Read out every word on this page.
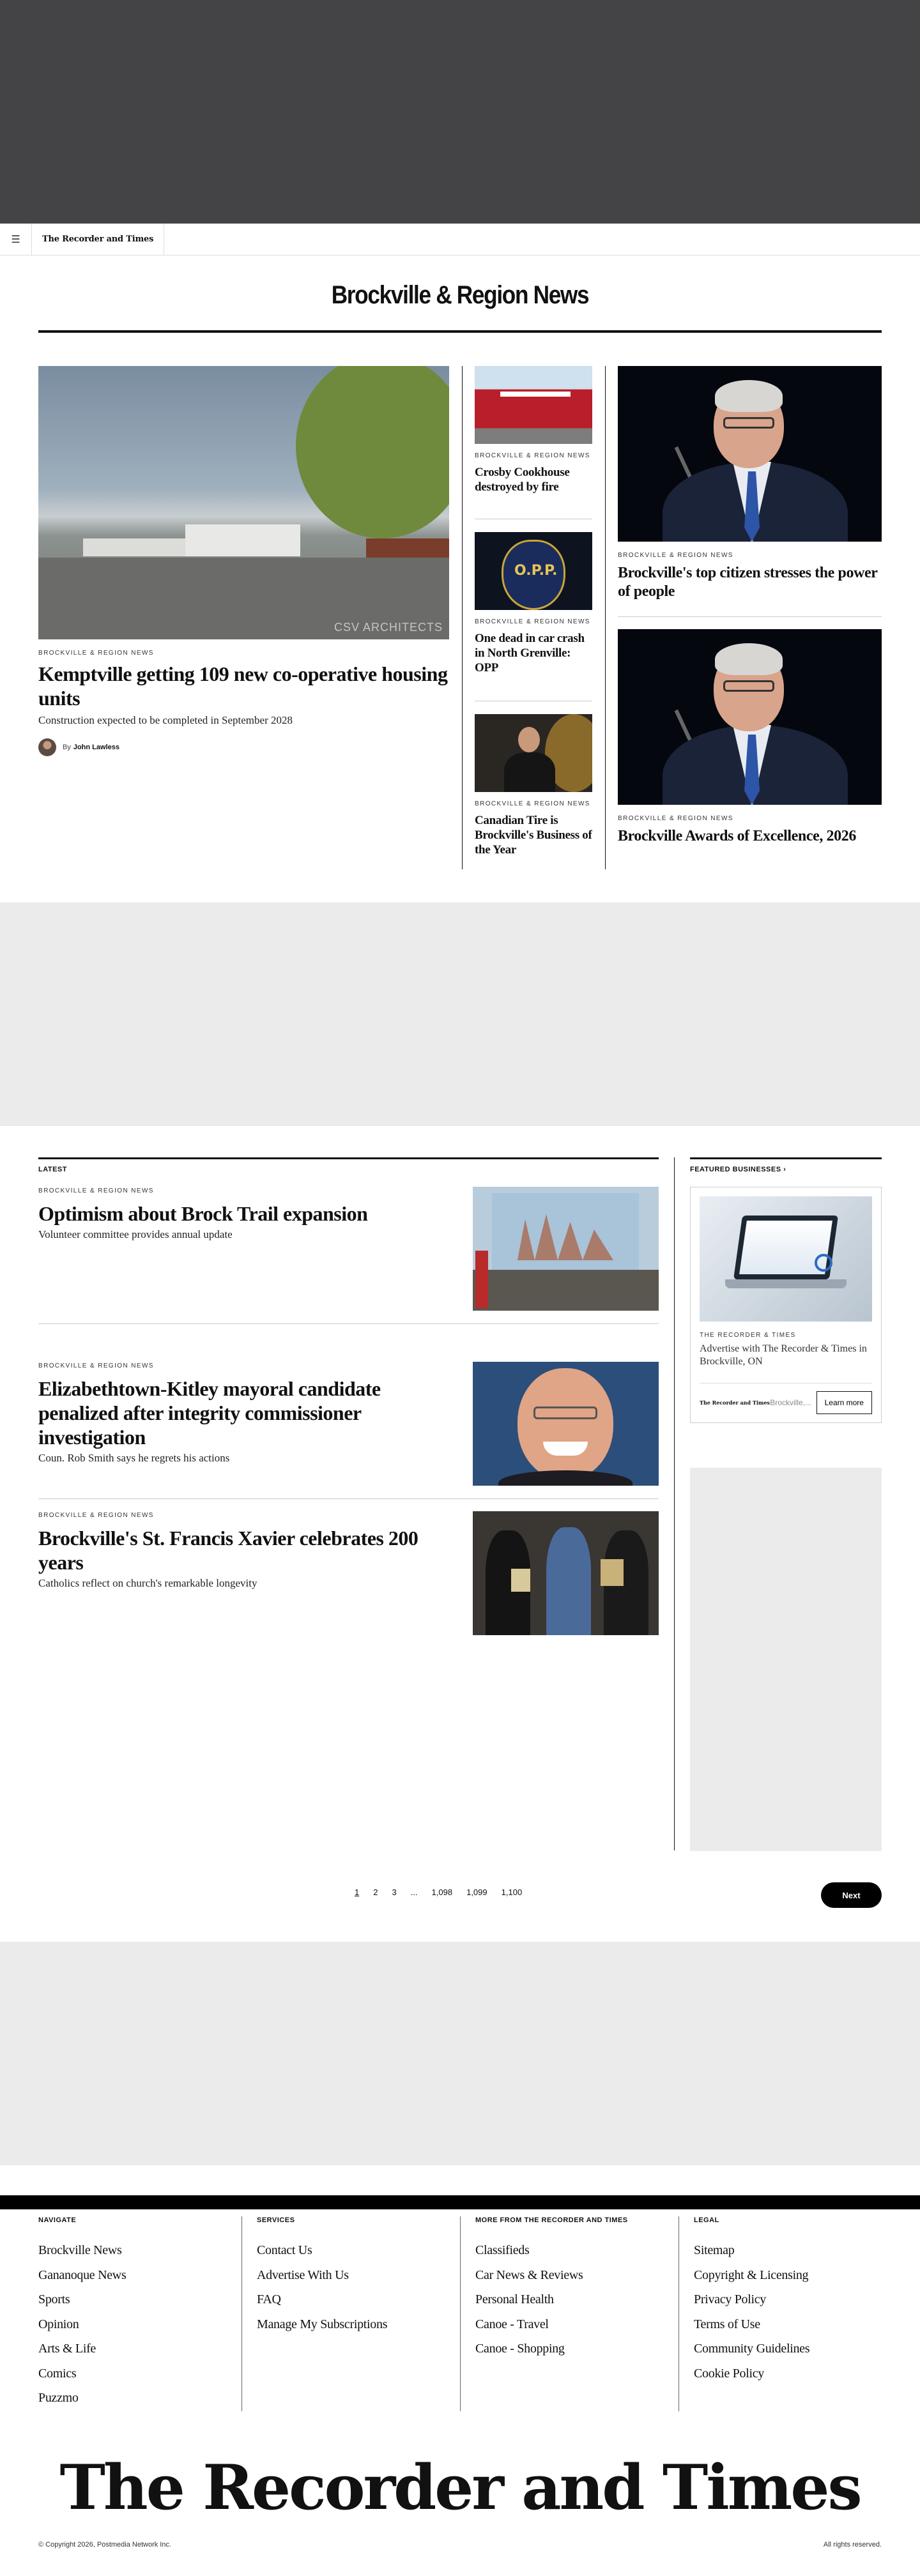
☰	The Recorder and Times
Brockville & Region News
CSV ARCHITECTS
BROCKVILLE & REGION NEWS
Kemptville getting 109 new co-operative housing units

Construction expected to be completed in September 2028

By John Lawless
BROCKVILLE & REGION NEWS
Crosby Cookhouse destroyed by fire
O.P.P.
BROCKVILLE & REGION NEWS
One dead in car crash in North Grenville: OPP
BROCKVILLE & REGION NEWS
Canadian Tire is Brockville's Business of the Year
BROCKVILLE & REGION NEWS
Brockville's top citizen stresses the power of people
BROCKVILLE & REGION NEWS
Brockville Awards of Excellence, 2026
LATEST
BROCKVILLE & REGION NEWS
Optimism about Brock Trail expansion

Volunteer committee provides annual update

BROCKVILLE & REGION NEWS
Elizabethtown-Kitley mayoral candidate penalized after integrity commissioner investigation

Coun. Rob Smith says he regrets his actions

BROCKVILLE & REGION NEWS
Brockville's St. Francis Xavier celebrates 200 years

Catholics reflect on church's remarkable longevity

FEATURED BUSINESSES ›
THE RECORDER & TIMES

Advertise with The Recorder & Times in Brockville, ON

The Recorder and Times Brockville,...	Learn more
1 2 3 ... 1,098 1,099 1,100	Next
NAVIGATE
Brockville News
Gananoque News
Sports
Opinion
Arts & Life
Comics
Puzzmo
SERVICES
Contact Us
Advertise With Us
FAQ
Manage My Subscriptions
MORE FROM THE RECORDER AND TIMES
Classifieds
Car News & Reviews
Personal Health
Canoe - Travel
Canoe - Shopping
LEGAL
Sitemap
Copyright & Licensing
Privacy Policy
Terms of Use
Community Guidelines
Cookie Policy
The Recorder and Times
© Copyright 2026, Postmedia Network Inc.	All rights reserved.
